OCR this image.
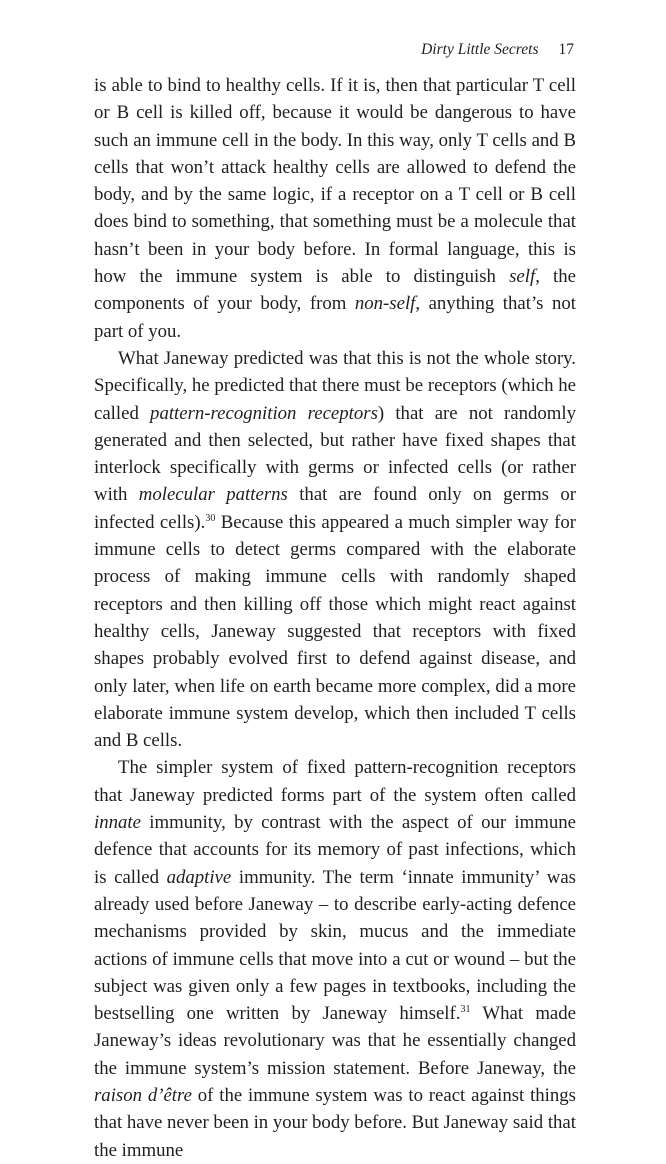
Dirty Little Secrets 17

is able to bind to healthy cells. If it is, then that particular T cell or B cell is killed off, because it would be dangerous to have such an immune cell in the body. In this way, only T cells and B cells that won’t attack healthy cells are allowed to defend the body, and by the same logic, if a receptor on a T cell or B cell does bind to something, that something must be a molecule that hasn’t been in your body before. In formal language, this is how the immune system is able to distinguish self, the components of your body, from non-self, anything that’s not part of you.

What Janeway predicted was that this is not the whole story. Specifically, he predicted that there must be receptors (which he called pattern-recognition receptors) that are not randomly generated and then selected, but rather have fixed shapes that interlock specifically with germs or infected cells (or rather with molecular patterns that are found only on germs or infected cells).$^{30}$ Because this appeared a much simpler way for immune cells to detect germs compared with the elaborate process of making immune cells with randomly shaped receptors and then killing off those which might react against healthy cells, Janeway suggested that receptors with fixed shapes probably evolved first to defend against disease, and only later, when life on earth became more complex, did a more elaborate immune system develop, which then included T cells and B cells.

The simpler system of fixed pattern-recognition receptors that Janeway predicted forms part of the system often called innate immunity, by contrast with the aspect of our immune defence that accounts for its memory of past infections, which is called adaptive immunity. The term ‘innate immunity’ was already used before Janeway – to describe early-acting defence mechanisms provided by skin, mucus and the immediate actions of immune cells that move into a cut or wound – but the subject was given only a few pages in textbooks, including the bestselling one written by Janeway himself.$^{31}$ What made Janeway’s ideas revolutionary was that he essentially changed the immune system’s mission statement. Before Janeway, the raison d’être of the immune system was to react against things that have never been in your body before. But Janeway said that the immune
